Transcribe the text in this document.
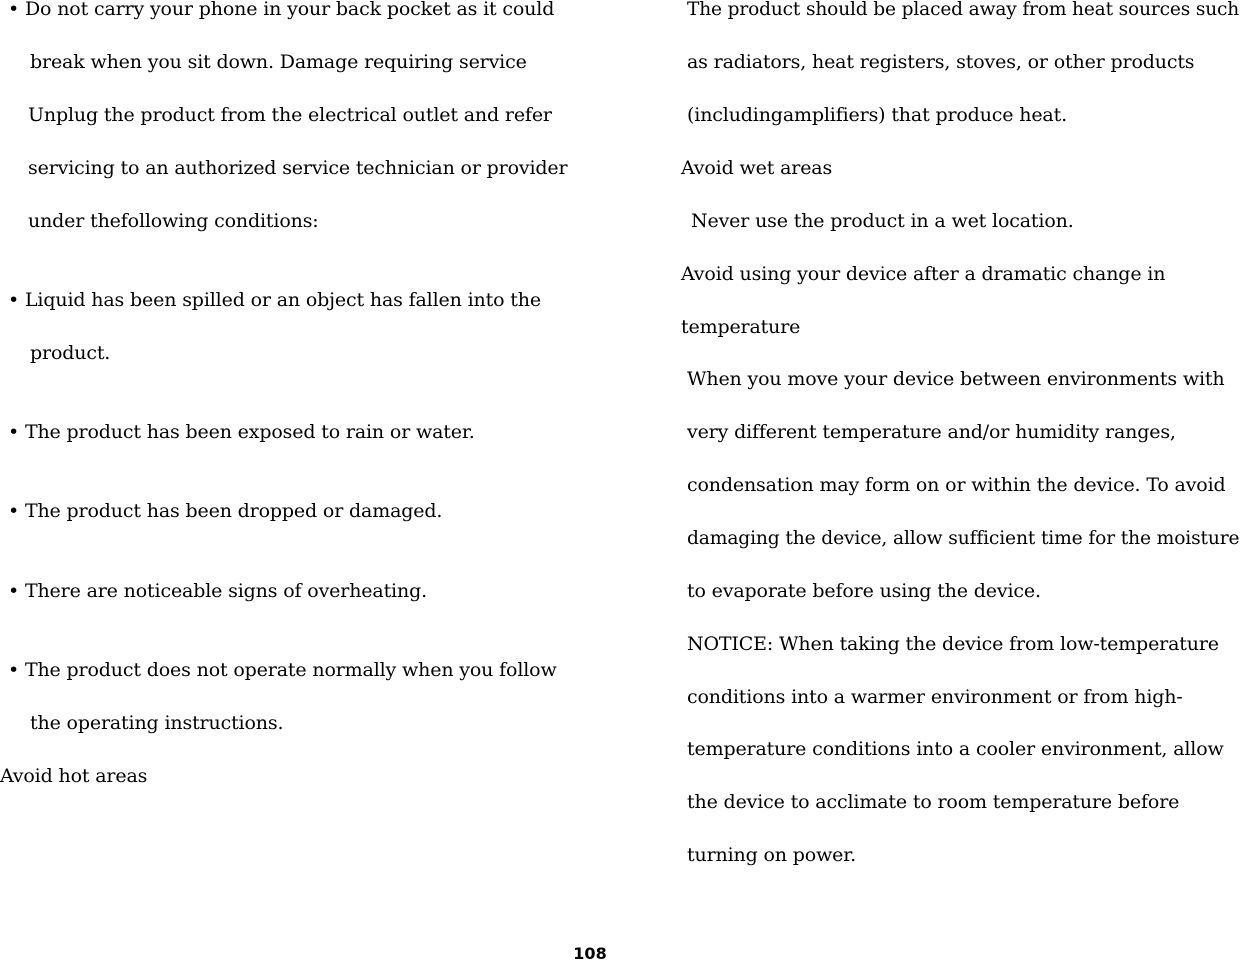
• Do not carry your phone in your back pocket as it could
break when you sit down. Damage requiring service
Unplug the product from the electrical outlet and refer
servicing to an authorized service technician or provider
under thefollowing conditions:
• Liquid has been spilled or an object has fallen into the
product.
• The product has been exposed to rain or water.
• The product has been dropped or damaged.
• There are noticeable signs of overheating.
• The product does not operate normally when you follow
the operating instructions.
Avoid hot areas
The product should be placed away from heat sources such
as radiators, heat registers, stoves, or other products
(includingamplifiers) that produce heat.
Avoid wet areas
Never use the product in a wet location.
Avoid using your device after a dramatic change in
temperature
When you move your device between environments with
very different temperature and/or humidity ranges,
condensation may form on or within the device. To avoid
damaging the device, allow sufficient time for the moisture
to evaporate before using the device.
NOTICE: When taking the device from low-temperature
conditions into a warmer environment or from high-
temperature conditions into a cooler environment, allow
the device to acclimate to room temperature before
turning on power.
108
